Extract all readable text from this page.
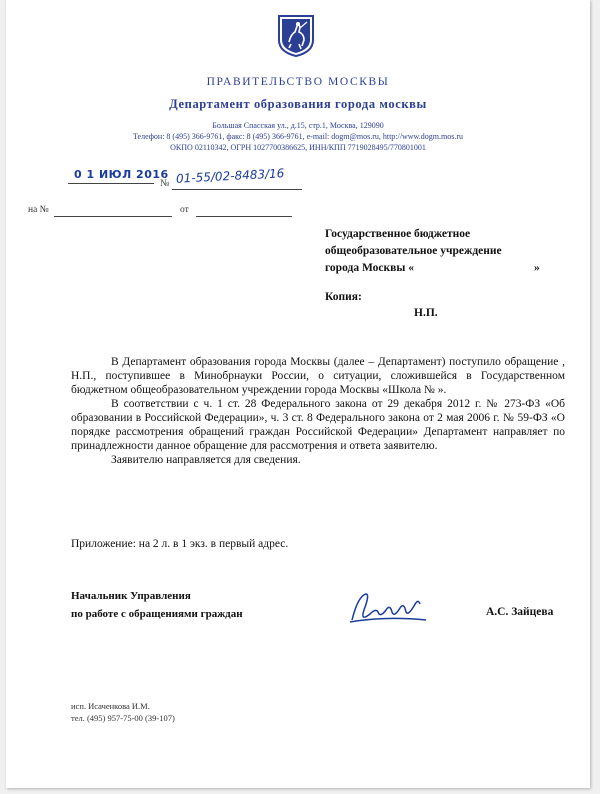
ПРАВИТЕЛЬСТВО МОСКВЫ
Департамент образования города москвы
Большая Спасская ул., д.15, стр.1, Москва, 129090
Телефон: 8 (495) 366-9761, факс: 8 (495) 366-9761, e-mail: dogm@mos.ru, http://www.dogm.mos.ru
ОКПО 02110342, ОГРН 1027700386625, ИНН/КПП 7719028495/770801001
0 1 ИЮЛ 2016
№ 01-55/02-8483/16
на №	от
Государственное бюджетное
общеобразовательное учреждение
города Москвы «	»
Копия:
Н.П.

В Департамент образования города Москвы (далее – Департамент) поступило обращение , Н.П., поступившее в Минобрнауки России, о ситуации, сложившейся в Государственном бюджетном общеобразовательном учреждении города Москвы «Школа № ».

В соответствии с ч. 1 ст. 28 Федерального закона от 29 декабря 2012 г. № 273-ФЗ «Об образовании в Российской Федерации», ч. 3 ст. 8 Федерального закона от 2 мая 2006 г. № 59-ФЗ «О порядке рассмотрения обращений граждан Российской Федерации» Департамент направляет по принадлежности данное обращение для рассмотрения и ответа заявителю.

Заявителю направляется для сведения.

Приложение: на 2 л. в 1 экз. в первый адрес.
Начальник Управления
по работе с обращениями граждан	А.С. Зайцева
исп. Исаченкова И.М.
тел. (495) 957-75-00 (39-107)
